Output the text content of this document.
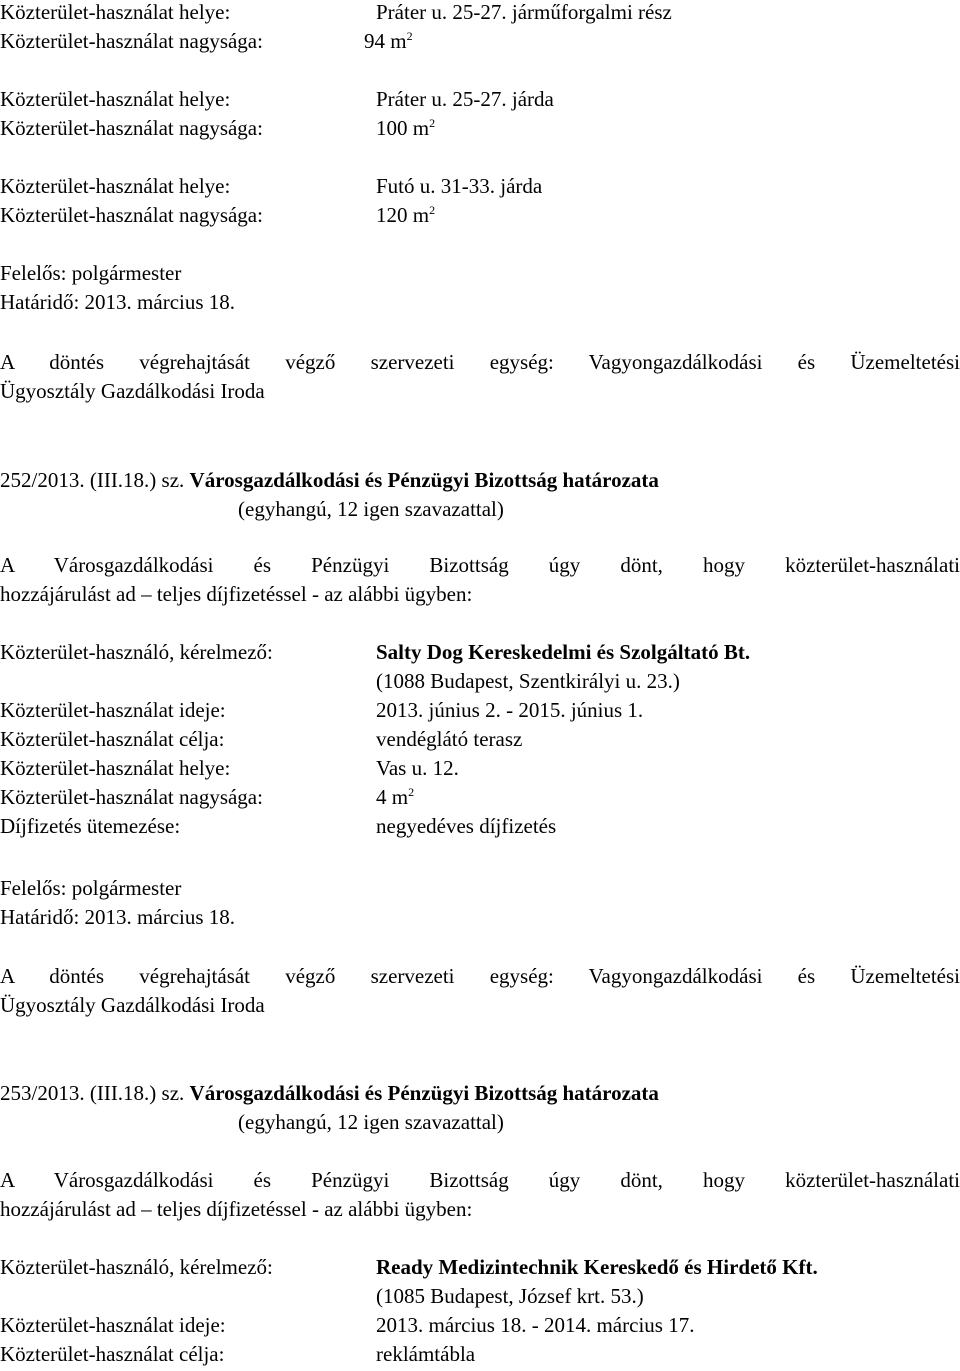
Közterület-használat helye:	Práter u. 25-27. járműforgalmi rész
Közterület-használat nagysága:	94 $m^2$
Közterület-használat helye:	Práter u. 25-27. járda
Közterület-használat nagysága:	100 $m^2$
Közterület-használat helye:	Futó u. 31-33. járda
Közterület-használat nagysága:	120 $m^2$
Felelős: polgármester
Határidő: 2013. március 18.
A döntés végrehajtását végző szervezeti egység: Vagyongazdálkodási és Üzemeltetési
Ügyosztály Gazdálkodási Iroda
252/2013. (III.18.) sz. Városgazdálkodási és Pénzügyi Bizottság határozata
(egyhangú, 12 igen szavazattal)
A Városgazdálkodási és Pénzügyi Bizottság úgy dönt, hogy közterület-használati
hozzájárulást ad – teljes díjfizetéssel - az alábbi ügyben:
Közterület-használó, kérelmező:	Salty Dog Kereskedelmi és Szolgáltató Bt.
(1088 Budapest, Szentkirályi u. 23.)
Közterület-használat ideje:	2013. június 2. - 2015. június 1.
Közterület-használat célja:	vendéglátó terasz
Közterület-használat helye:	Vas u. 12.
Közterület-használat nagysága:	4 $m^2$
Díjfizetés ütemezése:	negyedéves díjfizetés
Felelős: polgármester
Határidő: 2013. március 18.
A döntés végrehajtását végző szervezeti egység: Vagyongazdálkodási és Üzemeltetési
Ügyosztály Gazdálkodási Iroda
253/2013. (III.18.) sz. Városgazdálkodási és Pénzügyi Bizottság határozata
(egyhangú, 12 igen szavazattal)
A Városgazdálkodási és Pénzügyi Bizottság úgy dönt, hogy közterület-használati
hozzájárulást ad – teljes díjfizetéssel - az alábbi ügyben:
Közterület-használó, kérelmező:	Ready Medizintechnik Kereskedő és Hirdető Kft.
(1085 Budapest, József krt. 53.)
Közterület-használat ideje:	2013. március 18. - 2014. március 17.
Közterület-használat célja:	reklámtábla
